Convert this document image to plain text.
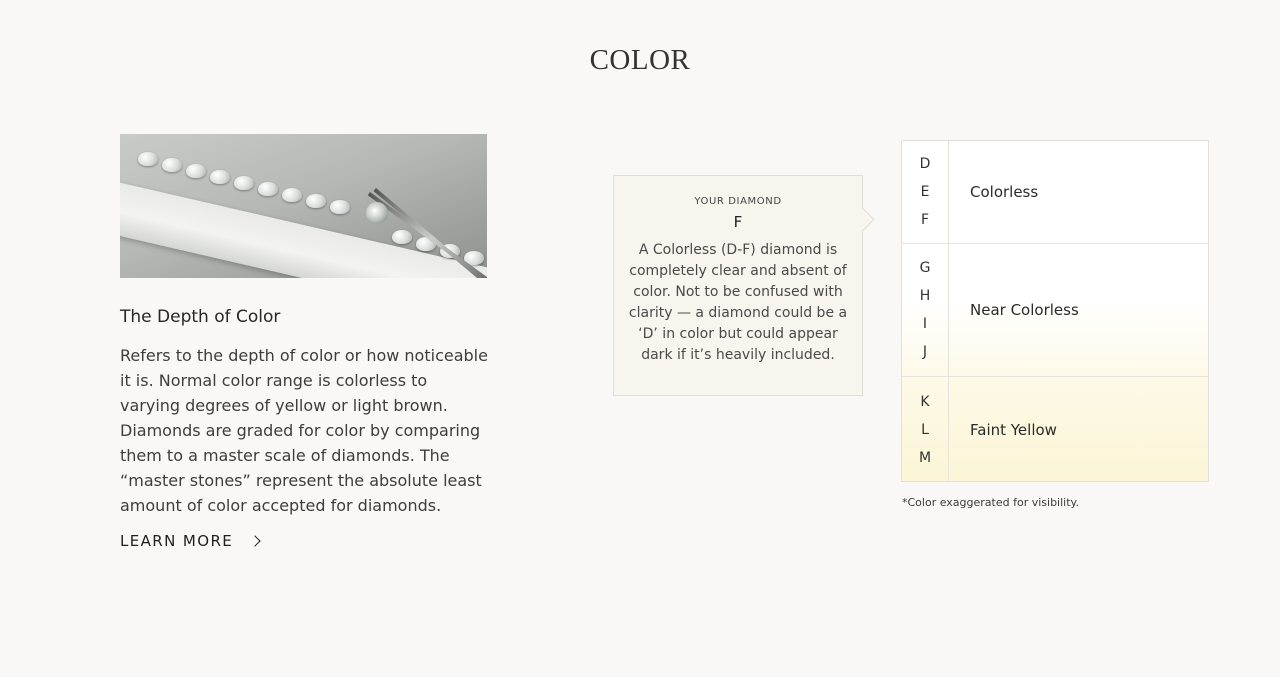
COLOR
The Depth of Color
Refers to the depth of color or how noticeable it is. Normal color range is colorless to varying degrees of yellow or light brown. Diamonds are graded for color by comparing them to a master scale of diamonds. The “master stones” represent the absolute least amount of color accepted for diamonds.
LEARN MORE
YOUR DIAMOND
F
A Colorless (D-F) diamond is completely clear and absent of color. Not to be confused with clarity — a diamond could be a ‘D’ in color but could appear dark if it’s heavily included.
D
E
F
Colorless
G
H
I
J
Near Colorless
K
L
M
Faint Yellow
*Color exaggerated for visibility.
